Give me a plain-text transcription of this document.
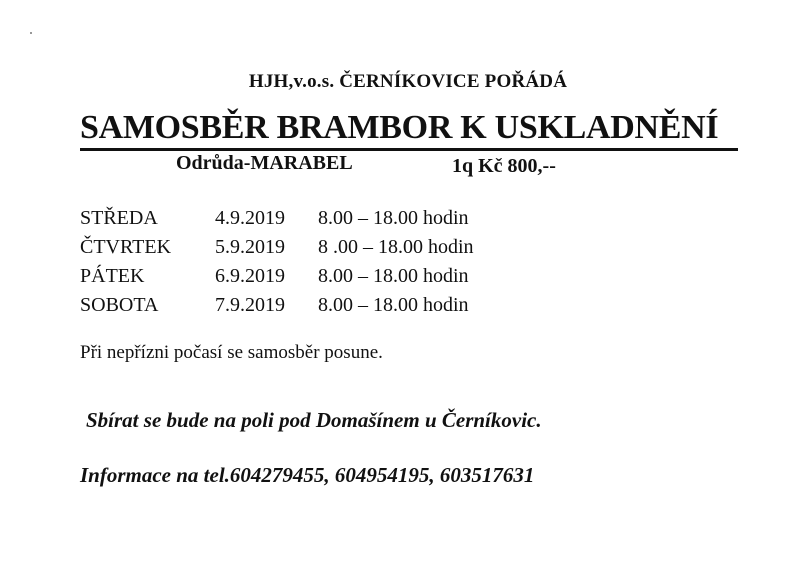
HJH,v.o.s. ČERNÍKOVICE POŘÁDÁ
SAMOSBĚR BRAMBOR K USKLADNĚNÍ
Odrůda-MARABEL	1q Kč 800,--
STŘEDA	4.9.2019 8.00 – 18.00 hodin
ČTVRTEK 5.9.2019 8 .00 – 18.00 hodin
PÁTEK	6.9.2019 8.00 – 18.00 hodin
SOBOTA	7.9.2019 8.00 – 18.00 hodin
Při nepřízni počasí se samosběr posune.
Sbírat se bude na poli pod Domašínem u Černíkovic.
Informace na tel.604279455, 604954195, 603517631
